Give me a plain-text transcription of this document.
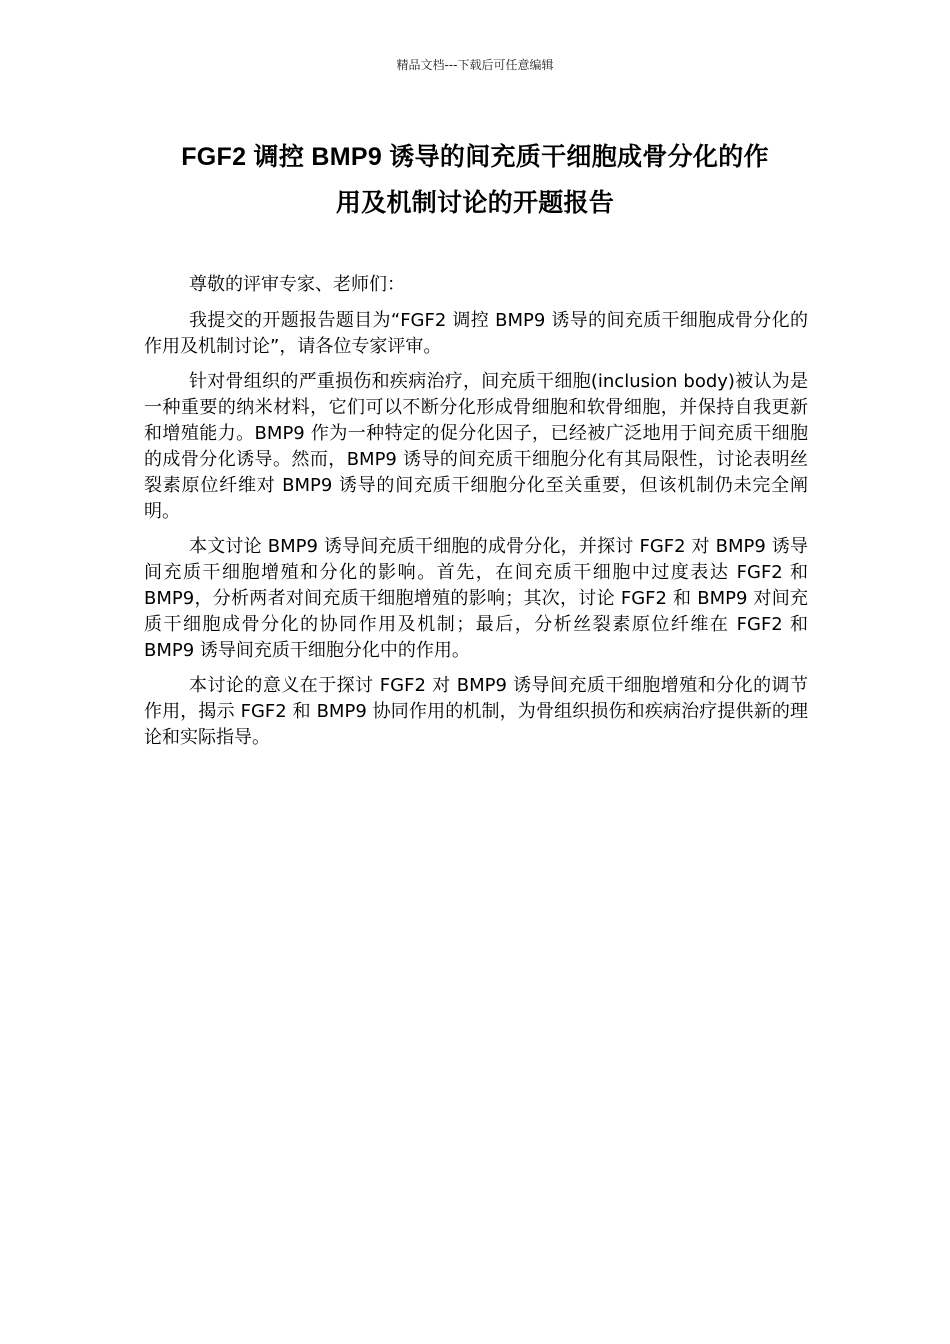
精品文档---下载后可任意编辑
FGF2 调控 BMP9 诱导的间充质干细胞成骨分化的作
用及机制讨论的开题报告

尊敬的评审专家、老师们：

我提交的开题报告题目为“FGF2 调控 BMP9 诱导的间充质干细胞成骨分化的作用及机制讨论”，请各位专家评审。

针对骨组织的严重损伤和疾病治疗，间充质干细胞(inclusion body)被认为是一种重要的纳米材料，它们可以不断分化形成骨细胞和软骨细胞，并保持自我更新和增殖能力。BMP9 作为一种特定的促分化因子，已经被广泛地用于间充质干细胞的成骨分化诱导。然而，BMP9 诱导的间充质干细胞分化有其局限性，讨论表明丝裂素原位纤维对 BMP9 诱导的间充质干细胞分化至关重要，但该机制仍未完全阐明。

本文讨论 BMP9 诱导间充质干细胞的成骨分化，并探讨 FGF2 对 BMP9 诱导间充质干细胞增殖和分化的影响。首先，在间充质干细胞中过度表达 FGF2 和 BMP9，分析两者对间充质干细胞增殖的影响；其次，讨论 FGF2 和 BMP9 对间充质干细胞成骨分化的协同作用及机制；最后，分析丝裂素原位纤维在 FGF2 和 BMP9 诱导间充质干细胞分化中的作用。

本讨论的意义在于探讨 FGF2 对 BMP9 诱导间充质干细胞增殖和分化的调节作用，揭示 FGF2 和 BMP9 协同作用的机制，为骨组织损伤和疾病治疗提供新的理论和实际指导。
